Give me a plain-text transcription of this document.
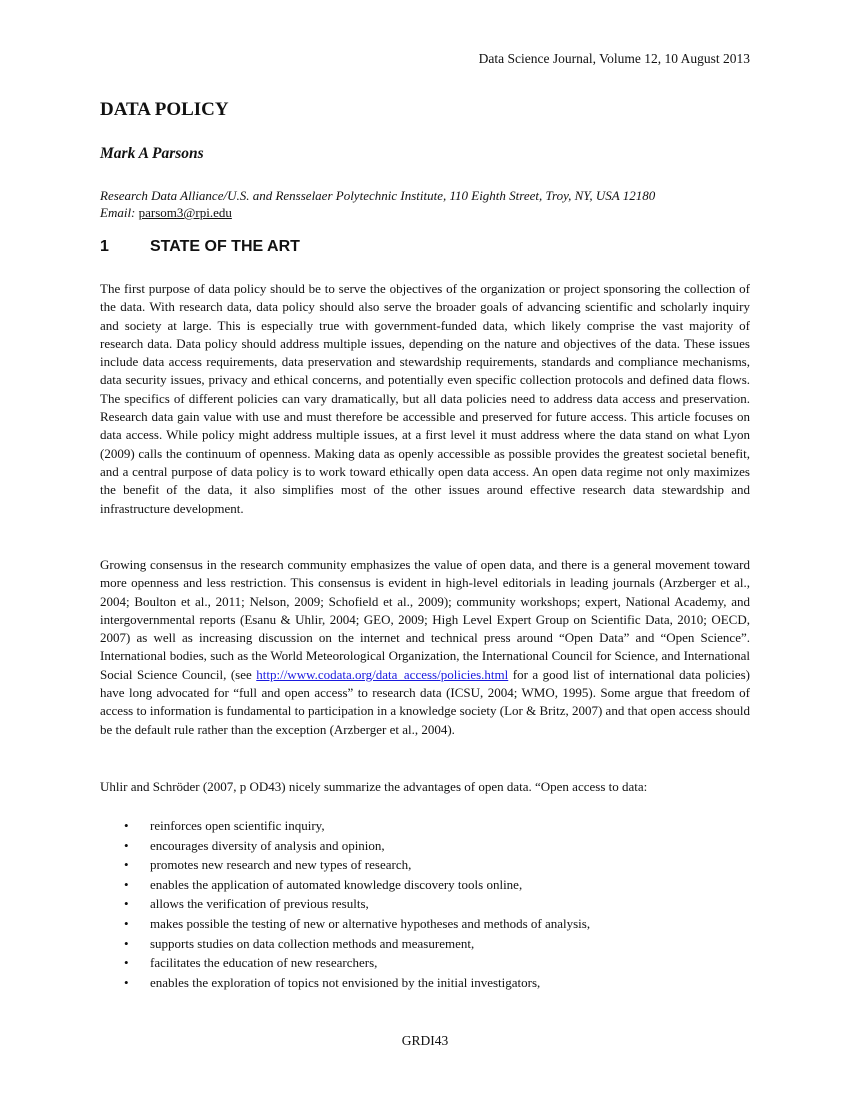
Data Science Journal, Volume 12, 10 August 2013
DATA POLICY

Mark A Parsons

Research Data Alliance/U.S. and Rensselaer Polytechnic Institute, 110 Eighth Street, Troy, NY, USA 12180
Email: parsom3@rpi.edu
1	STATE OF THE ART

The first purpose of data policy should be to serve the objectives of the organization or project sponsoring the collection of the data. With research data, data policy should also serve the broader goals of advancing scientific and scholarly inquiry and society at large. This is especially true with government-funded data, which likely comprise the vast majority of research data. Data policy should address multiple issues, depending on the nature and objectives of the data. These issues include data access requirements, data preservation and stewardship requirements, standards and compliance mechanisms, data security issues, privacy and ethical concerns, and potentially even specific collection protocols and defined data flows. The specifics of different policies can vary dramatically, but all data policies need to address data access and preservation. Research data gain value with use and must therefore be accessible and preserved for future access. This article focuses on data access. While policy might address multiple issues, at a first level it must address where the data stand on what Lyon (2009) calls the continuum of openness. Making data as openly accessible as possible provides the greatest societal benefit, and a central purpose of data policy is to work toward ethically open data access. An open data regime not only maximizes the benefit of the data, it also simplifies most of the other issues around effective research data stewardship and infrastructure development.

Growing consensus in the research community emphasizes the value of open data, and there is a general movement toward more openness and less restriction. This consensus is evident in high-level editorials in leading journals (Arzberger et al., 2004; Boulton et al., 2011; Nelson, 2009; Schofield et al., 2009); community workshops; expert, National Academy, and intergovernmental reports (Esanu & Uhlir, 2004; GEO, 2009; High Level Expert Group on Scientific Data, 2010; OECD, 2007) as well as increasing discussion on the internet and technical press around “Open Data” and “Open Science”. International bodies, such as the World Meteorological Organization, the International Council for Science, and International Social Science Council, (see http://www.codata.org/data_access/policies.html for a good list of international data policies) have long advocated for “full and open access” to research data (ICSU, 2004; WMO, 1995). Some argue that freedom of access to information is fundamental to participation in a knowledge society (Lor & Britz, 2007) and that open access should be the default rule rather than the exception (Arzberger et al., 2004).

Uhlir and Schröder (2007, p OD43) nicely summarize the advantages of open data. “Open access to data:

• reinforces open scientific inquiry,
• encourages diversity of analysis and opinion,
• promotes new research and new types of research,
• enables the application of automated knowledge discovery tools online,
• allows the verification of previous results,
• makes possible the testing of new or alternative hypotheses and methods of analysis,
• supports studies on data collection methods and measurement,
• facilitates the education of new researchers,
• enables the exploration of topics not envisioned by the initial investigators,
GRDI43
